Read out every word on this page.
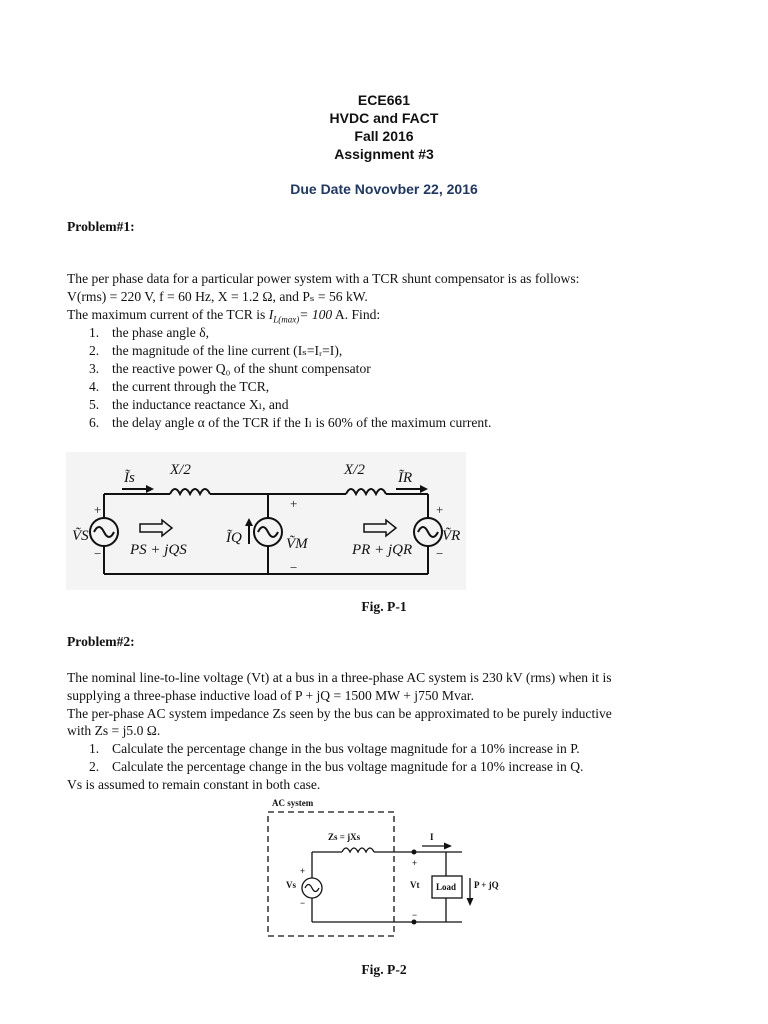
ECE661
HVDC and FACT
Fall 2016
Assignment #3
Due Date Novovber 22, 2016
Problem#1:
The per phase data for a particular power system with a TCR shunt compensator is as follows:
V(rms) = 220 V, f = 60 Hz, X = 1.2 Ω, and Pₛ = 56 kW.
The maximum current of the TCR is $I_{L(max)}= 100$ A. Find:
1. the phase angle δ,
2. the magnitude of the line current (Iₛ=Iᵣ=I),
3. the reactive power Q₀ of the shunt compensator
4. the current through the TCR,
5. the inductance reactance Xₗ, and
6. the delay angle α of the TCR if the Iₗ is 60% of the maximum current.
Ĩs X/2	X/2 ĨR
ṼS	ṼR
ṼM
ĨQ
PS + jQS	PR + jQR
+
−
+
−
+
−
Fig. P-1
Problem#2:
The nominal line-to-line voltage (Vt) at a bus in a three-phase AC system is 230 kV (rms) when it is
supplying a three-phase inductive load of P + jQ = 1500 MW + j750 Mvar.
The per-phase AC system impedance Zs seen by the bus can be approximated to be purely inductive
with Zs = j5.0 Ω.
1. Calculate the percentage change in the bus voltage magnitude for a 10% increase in P.
2. Calculate the percentage change in the bus voltage magnitude for a 10% increase in Q.
Vs is assumed to remain constant in both case.
AC system
Zs = jXs	I
Vs	Vt Load P + jQ
+
−
+
−
Fig. P-2
